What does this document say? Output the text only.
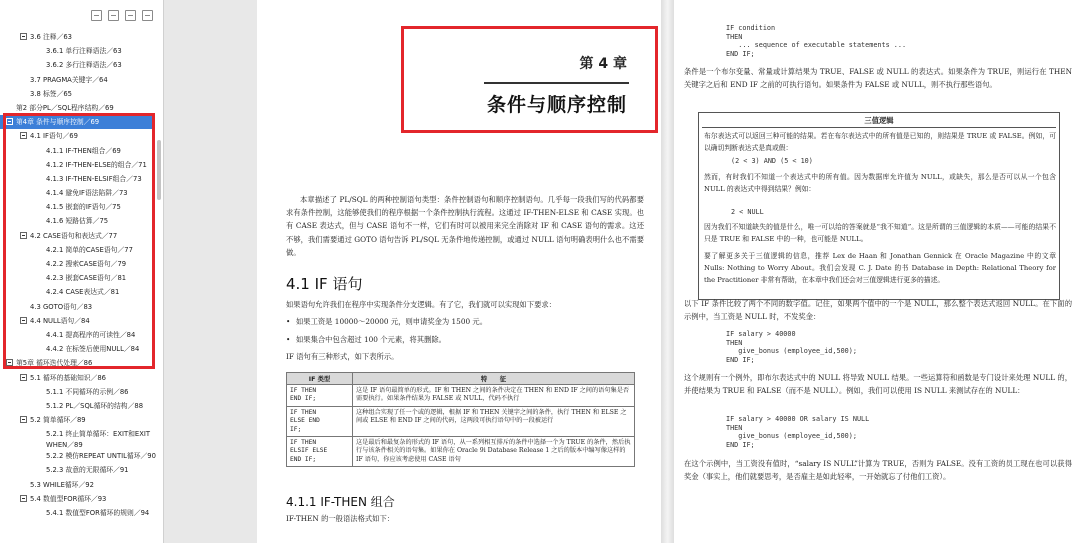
3.6 注释／63
3.6.1 单行注释语法／63
3.6.2 多行注释语法／63
3.7 PRAGMA关键字／64
3.8 标签／65
第2 部分PL／SQL程序结构／69
第4章 条件与顺序控制／69
4.1 IF语句／69
4.1.1 IF-THEN组合／69
4.1.2 IF-THEN-ELSE的组合／71
4.1.3 IF-THEN-ELSIF组合／73
4.1.4 避免IF语法陷阱／73
4.1.5 嵌套的IF语句／75
4.1.6 短路估算／75
4.2 CASE语句和表达式／77
4.2.1 简单的CASE语句／77
4.2.2 搜索CASE语句／79
4.2.3 嵌套CASE语句／81
4.2.4 CASE表达式／81
4.3 GOTO语句／83
4.4 NULL语句／84
4.4.1 提高程序的可读性／84
4.4.2 在标签后使用NULL／84
第5章 循环迭代处理／86
5.1 循环的基础知识／86
5.1.1 不同循环的示例／86
5.1.2 PL／SQL循环的结构／88
5.2 简单循环／89
5.2.1 终止简单循环：EXIT和EXIT WHEN／89
5.2.2 模仿REPEAT UNTIL循环／90
5.2.3 故意的无限循环／91
5.3 WHILE循环／92
5.4 数值型FOR循环／93
5.4.1 数值型FOR循环的规则／94
第 4 章
条件与顺序控制

本章描述了 PL/SQL 的两种控制语句类型：条件控制语句和顺序控制语句。几乎每一段我们写的代码都要求有条件控制，这能够使我们的程序根据一个条件控制执行流程。这通过 IF-THEN-ELSE 和 CASE 实现。也有 CASE 表达式，但与 CASE 语句不一样，它们有时可以被用来完全消除对 IF 和 CASE 语句的需求。这还不够，我们需要通过 GOTO 语句告诉 PL/SQL 无条件地传递控制，或通过 NULL 语句明确表明什么也不需要做。

4.1 IF 语句

如果语句允许我们在程序中实现条件分支逻辑。有了它，我们就可以实现如下要求：

• 如果工资是 10000～20000 元，则申请奖金为 1500 元。
• 如果集合中包含超过 100 个元素，将其删除。

IF 语句有三种形式，如下表所示。

IF 类型	特　　征
IF THEN
END IF;	这是 IF 语句最简单的形式。IF 和 THEN 之间的条件决定在 THEN 和 END IF 之间的语句集是否需要执行。如果条件结果为 FALSE 或 NULL，代码不执行
IF THEN
ELSE END
IF;	这种组合实现了任一个或的逻辑，根据 IF 和 THEN 关键字之间的条件，执行 THEN 和 ELSE 之间或 ELSE 和 END IF 之间的代码，这两段可执行语句中的一段被运行
IF THEN
ELSIF ELSE
END IF;	这是最后和最复杂的形式的 IF 语句，从一系列相互排斥的条件中选择一个为 TRUE 的条件，然后执行与该条件相关的语句集。如果你在 Oracle 9i Database Release 1 之后的版本中编写像这样的 IF 语句，你应该考虑使用 CASE 语句
4.1.1 IF-THEN 组合

IF-THEN 的一般语法格式如下：

IF condition
THEN
... sequence of executable statements ...
END IF;

条件是一个布尔变量、常量或计算结果为 TRUE、FALSE 或 NULL 的表达式。如果条件为 TRUE，则运行在 THEN 关键字之后和 END IF 之前的可执行语句。如果条件为 FALSE 或 NULL，则不执行那些语句。

三值逻辑

布尔表达式可以返回三种可能的结果。若在布尔表达式中的所有值是已知的，则结果是 TRUE 或 FALSE。例如，可以确切判断表达式是真或假：

(2 < 3) AND (5 < 10)

然而，有时我们不知道一个表达式中的所有值。因为数据库允许值为 NULL，或缺失，那么是否可以从一个包含 NULL 的表达式中得到结果？例如：

2 < NULL

因为我们不知道缺失的值是什么，唯一可以给的答案就是“我不知道”。这是所谓的三值逻辑的本质——可能的结果不只是 TRUE 和 FALSE 中的一种，也可能是 NULL。

要了解更多关于三值逻辑的信息，推荐 Lex de Haan 和 Jonathan Gennick 在 Oracle Magazine 中的文章 Nulls: Nothing to Worry About。我们会发现 C. J. Date 的书 Database in Depth: Relational Theory for the Practitioner 非常有帮助，在本章中我们还会对三值逻辑进行更多的描述。

以下 IF 条件比较了两个不同的数字值。记住，如果两个值中的一个是 NULL，那么整个表达式返回 NULL。在下面的示例中，当工资是 NULL 时，不发奖金：

IF salary > 40000
THEN
give_bonus (employee_id,500);
END IF;

这个规则有一个例外，即布尔表达式中的 NULL 将导致 NULL 结果。一些运算符和函数是专门设计来处理 NULL 的，并使结果为 TRUE 和 FALSE（而不是 NULL）。例如，我们可以使用 IS NULL 来测试存在的 NULL：

IF salary > 40000 OR salary IS NULL
THEN
give_bonus (employee_id,500);
END IF;

在这个示例中，当工资没有值时，“salary IS NULL”计算为 TRUE，否则为 FALSE。没有工资的员工现在也可以获得奖金（事实上，他们就要思考，是否雇主是如此轻率，一开始就忘了付他们工资）。
